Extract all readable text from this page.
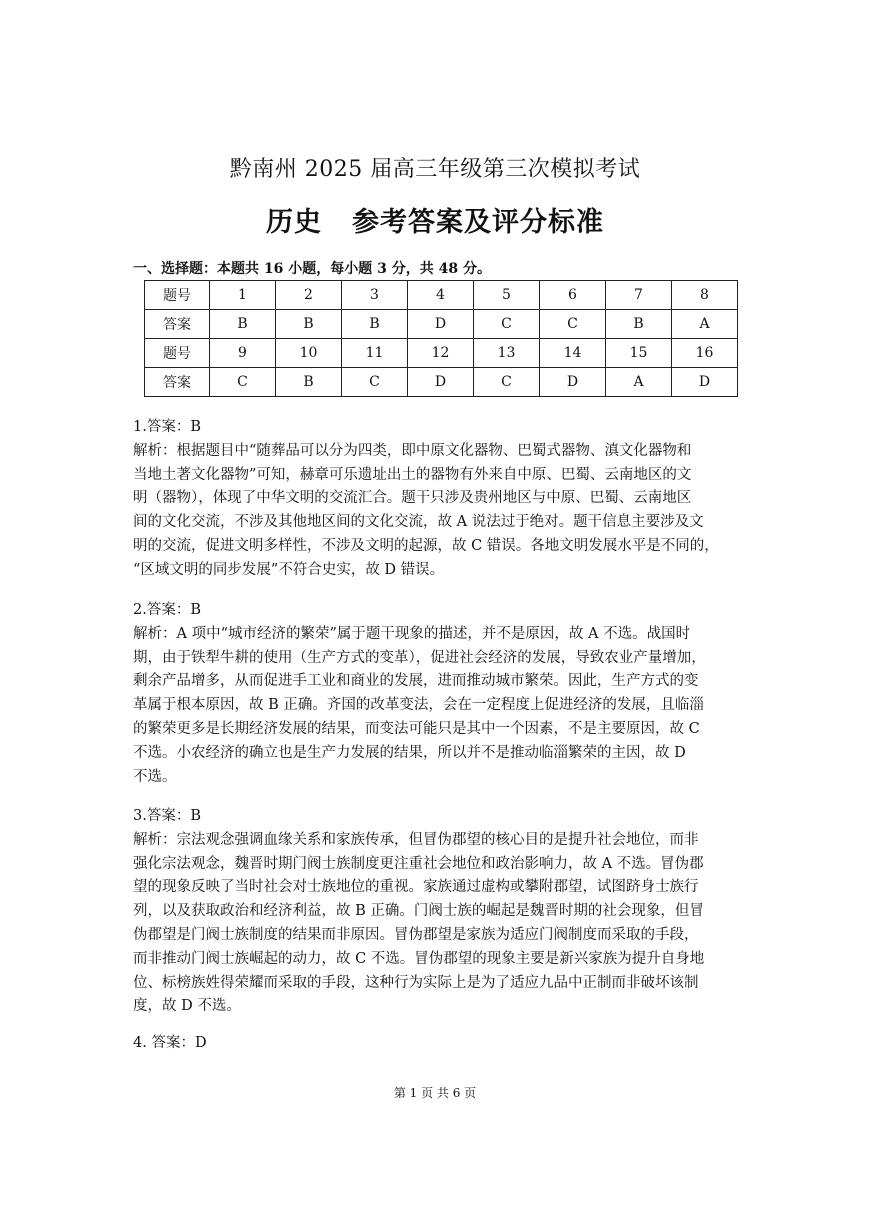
黔南州 2025 届高三年级第三次模拟考试
历史 参考答案及评分标准
一、选择题：本题共 16 小题，每小题 3 分，共 48 分。
题号	1	2	3	4	5	6	7	8
答案	B	B	B	D	C	C	B	A
题号	9	10	11	12	13	14	15	16
答案	C	B	C	D	C	D	A	D
1.答案：B
解析：根据题目中“随葬品可以分为四类，即中原文化器物、巴蜀式器物、滇文化器物和
当地土著文化器物”可知，赫章可乐遗址出土的器物有外来自中原、巴蜀、云南地区的文
明（器物），体现了中华文明的交流汇合。题干只涉及贵州地区与中原、巴蜀、云南地区
间的文化交流，不涉及其他地区间的文化交流，故 A 说法过于绝对。题干信息主要涉及文
明的交流，促进文明多样性，不涉及文明的起源，故 C 错误。各地文明发展水平是不同的，
“区域文明的同步发展”不符合史实，故 D 错误。
2.答案：B
解析：A 项中“城市经济的繁荣”属于题干现象的描述，并不是原因，故 A 不选。战国时
期，由于铁犁牛耕的使用（生产方式的变革），促进社会经济的发展，导致农业产量增加，
剩余产品增多，从而促进手工业和商业的发展，进而推动城市繁荣。因此，生产方式的变
革属于根本原因，故 B 正确。齐国的改革变法，会在一定程度上促进经济的发展，且临淄
的繁荣更多是长期经济发展的结果，而变法可能只是其中一个因素，不是主要原因，故 C
不选。小农经济的确立也是生产力发展的结果，所以并不是推动临淄繁荣的主因，故 D
不选。
3.答案：B
解析：宗法观念强调血缘关系和家族传承，但冒伪郡望的核心目的是提升社会地位，而非
强化宗法观念，魏晋时期门阀士族制度更注重社会地位和政治影响力，故 A 不选。冒伪郡
望的现象反映了当时社会对士族地位的重视。家族通过虚构或攀附郡望，试图跻身士族行
列，以及获取政治和经济利益，故 B 正确。门阀士族的崛起是魏晋时期的社会现象，但冒
伪郡望是门阀士族制度的结果而非原因。冒伪郡望是家族为适应门阀制度而采取的手段，
而非推动门阀士族崛起的动力，故 C 不选。冒伪郡望的现象主要是新兴家族为提升自身地
位、标榜族姓得荣耀而采取的手段，这种行为实际上是为了适应九品中正制而非破坏该制
度，故 D 不选。
4. 答案：D
第 1 页 共 6 页
